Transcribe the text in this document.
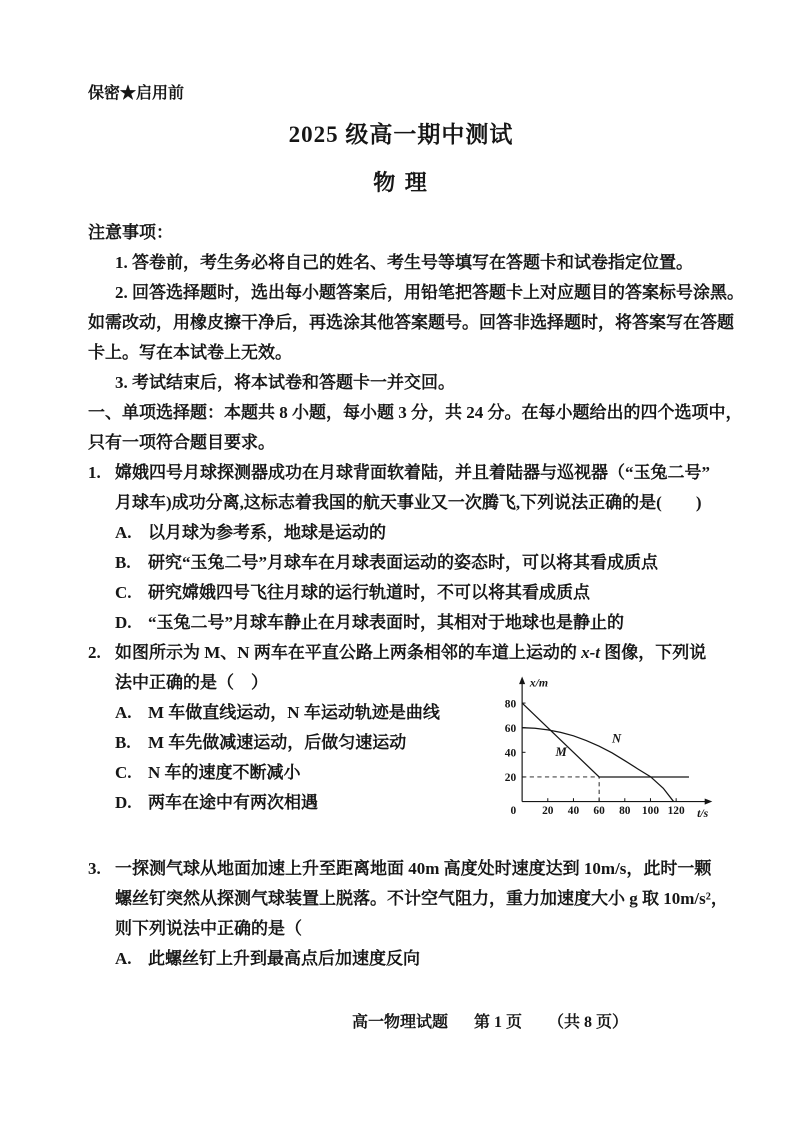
保密★启用前
2025 级高一期中测试
物 理
注意事项：
1. 答卷前，考生务必将自己的姓名、考生号等填写在答题卡和试卷指定位置。
2. 回答选择题时，选出每小题答案后，用铅笔把答题卡上对应题目的答案标号涂黑。
如需改动，用橡皮擦干净后，再选涂其他答案题号。回答非选择题时，将答案写在答题
卡上。写在本试卷上无效。
3. 考试结束后，将本试卷和答题卡一并交回。
一、单项选择题：本题共 8 小题，每小题 3 分，共 24 分。在每小题给出的四个选项中，
只有一项符合题目要求。
1. 嫦娥四号月球探测器成功在月球背面软着陆，并且着陆器与巡视器（“玉兔二号”
月球车)成功分离,这标志着我国的航天事业又一次腾飞,下列说法正确的是(　　)
A. 以月球为参考系，地球是运动的
B.	研究“玉兔二号”月球车在月球表面运动的姿态时，可以将其看成质点
C. 研究嫦娥四号飞往月球的运行轨道时，不可以将其看成质点
D. “玉兔二号”月球车静止在月球表面时，其相对于地球也是静止的
2. 如图所示为 M、N 两车在平直公路上两条相邻的车道上运动的 x-t 图像，下列说
法中正确的是（　）
A. M 车做直线运动，N 车运动轨迹是曲线
B.	M 车先做减速运动，后做匀速运动
C. N 车的速度不断减小
D. 两车在途中有两次相遇
x/m
t/s
20 40 60 80 100 120
20
40
60
80
0
M
N
3. 一探测气球从地面加速上升至距离地面 40m 高度处时速度达到 10m/s，此时一颗
螺丝钉突然从探测气球装置上脱落。不计空气阻力，重力加速度大小 g 取 10m/s²，
则下列说法中正确的是（
A. 此螺丝钉上升到最高点后加速度反向
高一物理试题 第 1 页 （共 8 页）
